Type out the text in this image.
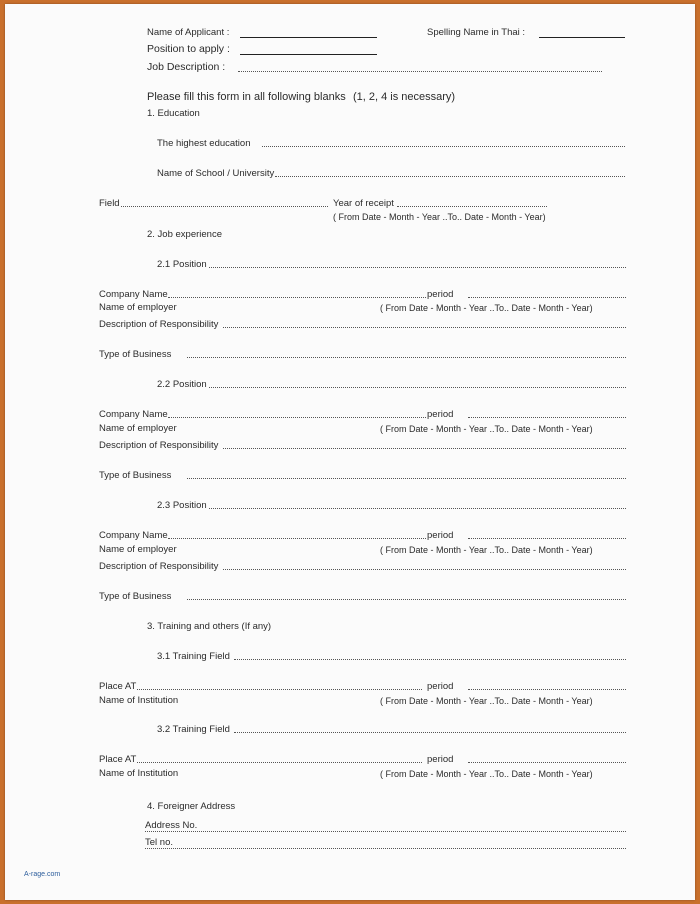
Name of Applicant :	Spelling Name in Thai :
Position to apply :
Job Description :
Please fill this form in all following blanks (1, 2, 4 is necessary)
1. Education
The highest education
Name of School / University
Field	Year of receipt
( From Date - Month - Year ..To.. Date - Month - Year)
2. Job experience
2.1 Position
Company Name	period
Name of employer	( From Date - Month - Year ..To.. Date - Month - Year)
Description of Responsibility
Type of Business
2.2 Position
Company Name	period
Name of employer	( From Date - Month - Year ..To.. Date - Month - Year)
Description of Responsibility
Type of Business
2.3 Position
Company Name	period
Name of employer	( From Date - Month - Year ..To.. Date - Month - Year)
Description of Responsibility
Type of Business
3. Training and others (If any)
3.1 Training Field
Place AT	period
Name of Institution	( From Date - Month - Year ..To.. Date - Month - Year)
3.2 Training Field
Place AT	period
Name of Institution	( From Date - Month - Year ..To.. Date - Month - Year)
4. Foreigner Address
Address No.
Tel no.
A-rage.com
